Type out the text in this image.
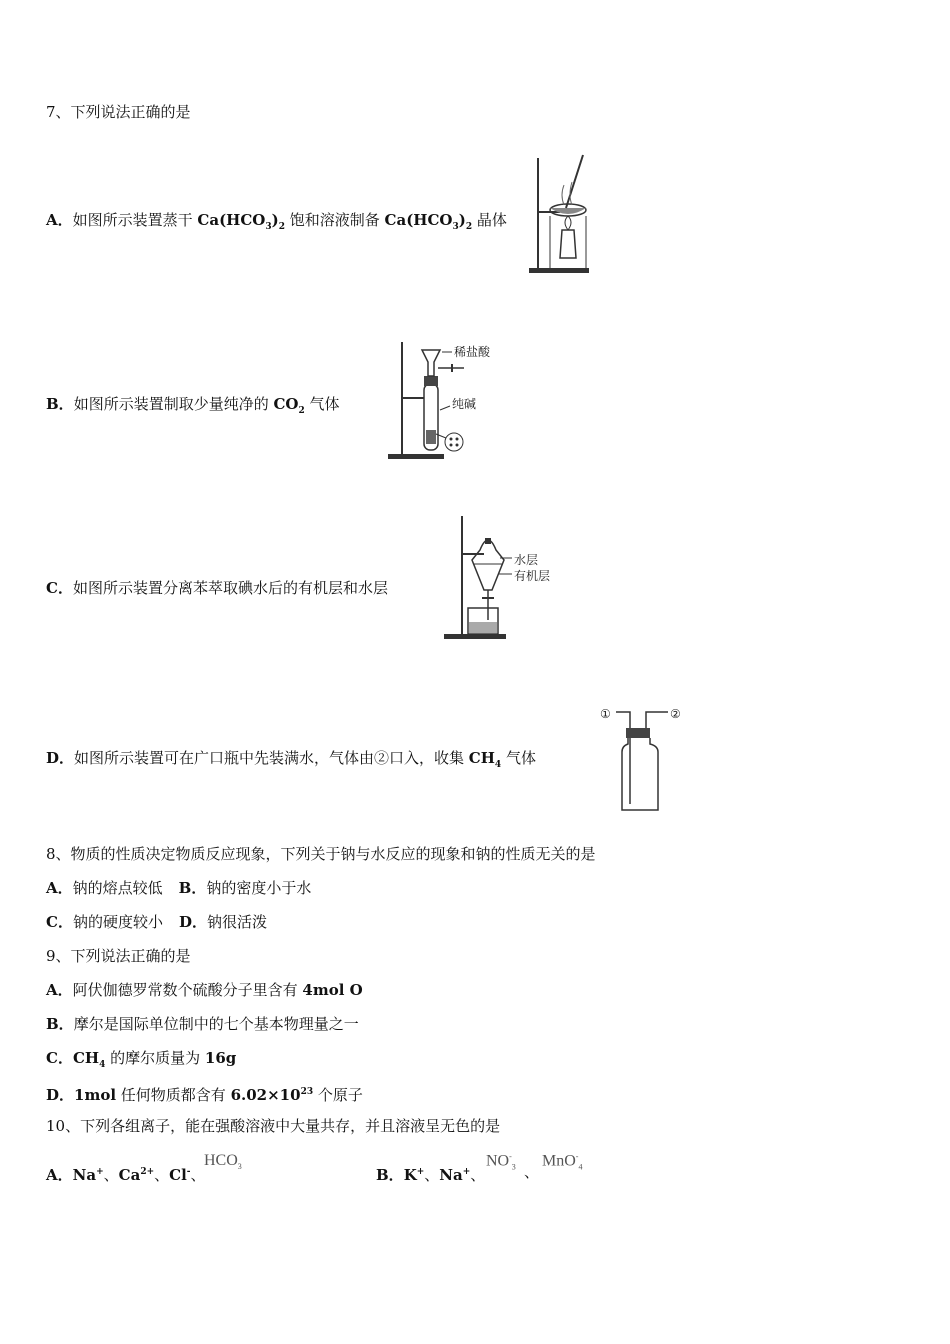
7、下列说法正确的是
A．如图所示装置蒸干 $Ca(HCO_3)_2$ 饱和溶液制备 $Ca(HCO_3)_2$ 晶体
B．如图所示装置制取少量纯净的 $CO_2$ 气体
稀盐酸
纯碱
C．如图所示装置分离苯萃取碘水后的有机层和水层
水层
有机层
D．如图所示装置可在广口瓶中先装满水，气体由②口入，收集 $CH_4$ 气体
①	②
8、物质的性质决定物质反应现象，下列关于钠与水反应的现象和钠的性质无关的是
A．钠的熔点较低 B．钠的密度小于水
C．钠的硬度较小 D．钠很活泼
9、下列说法正确的是
A．阿伏伽德罗常数个硫酸分子里含有 4mol O
B．摩尔是国际单位制中的七个基本物理量之一
C．$CH_4$ 的摩尔质量为 16g
D．1mol 任何物质都含有 $6.02\times 10^{23}$ 个原子
10、下列各组离子，能在强酸溶液中大量共存，并且溶液呈无色的是
A．Na+、$Ca^{2+}$、Cl-、
$HCO_3$	B．K+、Na+、
$NO^-_3$ 、
MnO-$_4$
